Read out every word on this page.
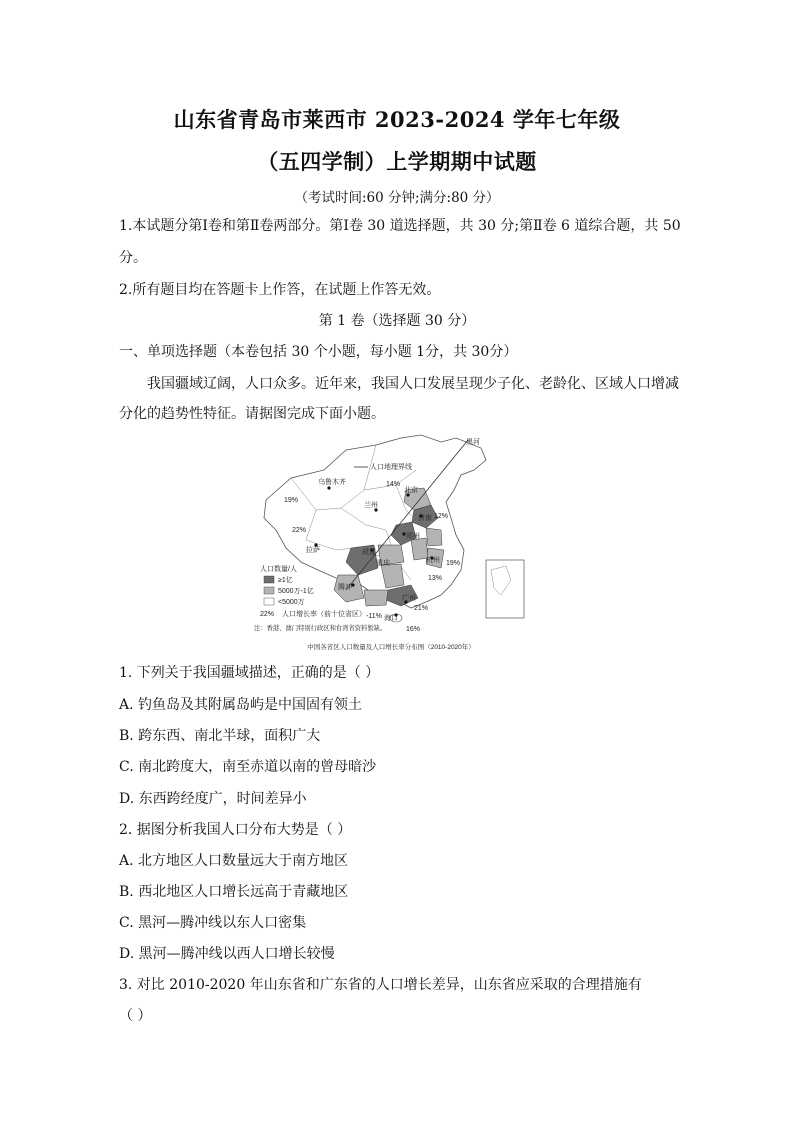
山东省青岛市莱西市 2023-2024 学年七年级
（五四学制）上学期期中试题
（考试时间:60 分钟;满分:80 分）
1.本试题分第Ⅰ卷和第Ⅱ卷两部分。第Ⅰ卷 30 道选择题，共 30 分;第Ⅱ卷 6 道综合题，共 50
分。
2.所有题目均在答题卡上作答，在试题上作答无效。
第 1 卷（选择题 30 分）
一、单项选择题（本卷包括 30 个小题，每小题 1分，共 30分）
我国疆域辽阔，人口众多。近年来，我国人口发展呈现少子化、老龄化、区域人口增减
分化的趋势性特征。请据图完成下面小题。
黑河
人口地理界线
乌鲁木齐
19%
14%
12%
22%
拉萨
兰州
北京
济南
郑州
成都
重庆	杭州 19%
13%
腾冲
广州
21%
-11% 海口
16%
人口数量/人
≥1亿
5000万-1亿
<5000万
22% 人口增长率（前十位省区）
注：香港、澳门特别行政区和台湾省资料暂缺。
中国各省区人口数量及人口增长率分布图（2010-2020年）
1. 下列关于我国疆域描述，正确的是（ ）
A. 钓鱼岛及其附属岛屿是中国固有领土
B. 跨东西、南北半球，面积广大
C. 南北跨度大，南至赤道以南的曾母暗沙
D. 东西跨经度广，时间差异小
2. 据图分析我国人口分布大势是（ ）
A. 北方地区人口数量远大于南方地区
B. 西北地区人口增长远高于青藏地区
C. 黑河—腾冲线以东人口密集
D. 黑河—腾冲线以西人口增长较慢
3. 对比 2010-2020 年山东省和广东省的人口增长差异，山东省应采取的合理措施有
（ ）
